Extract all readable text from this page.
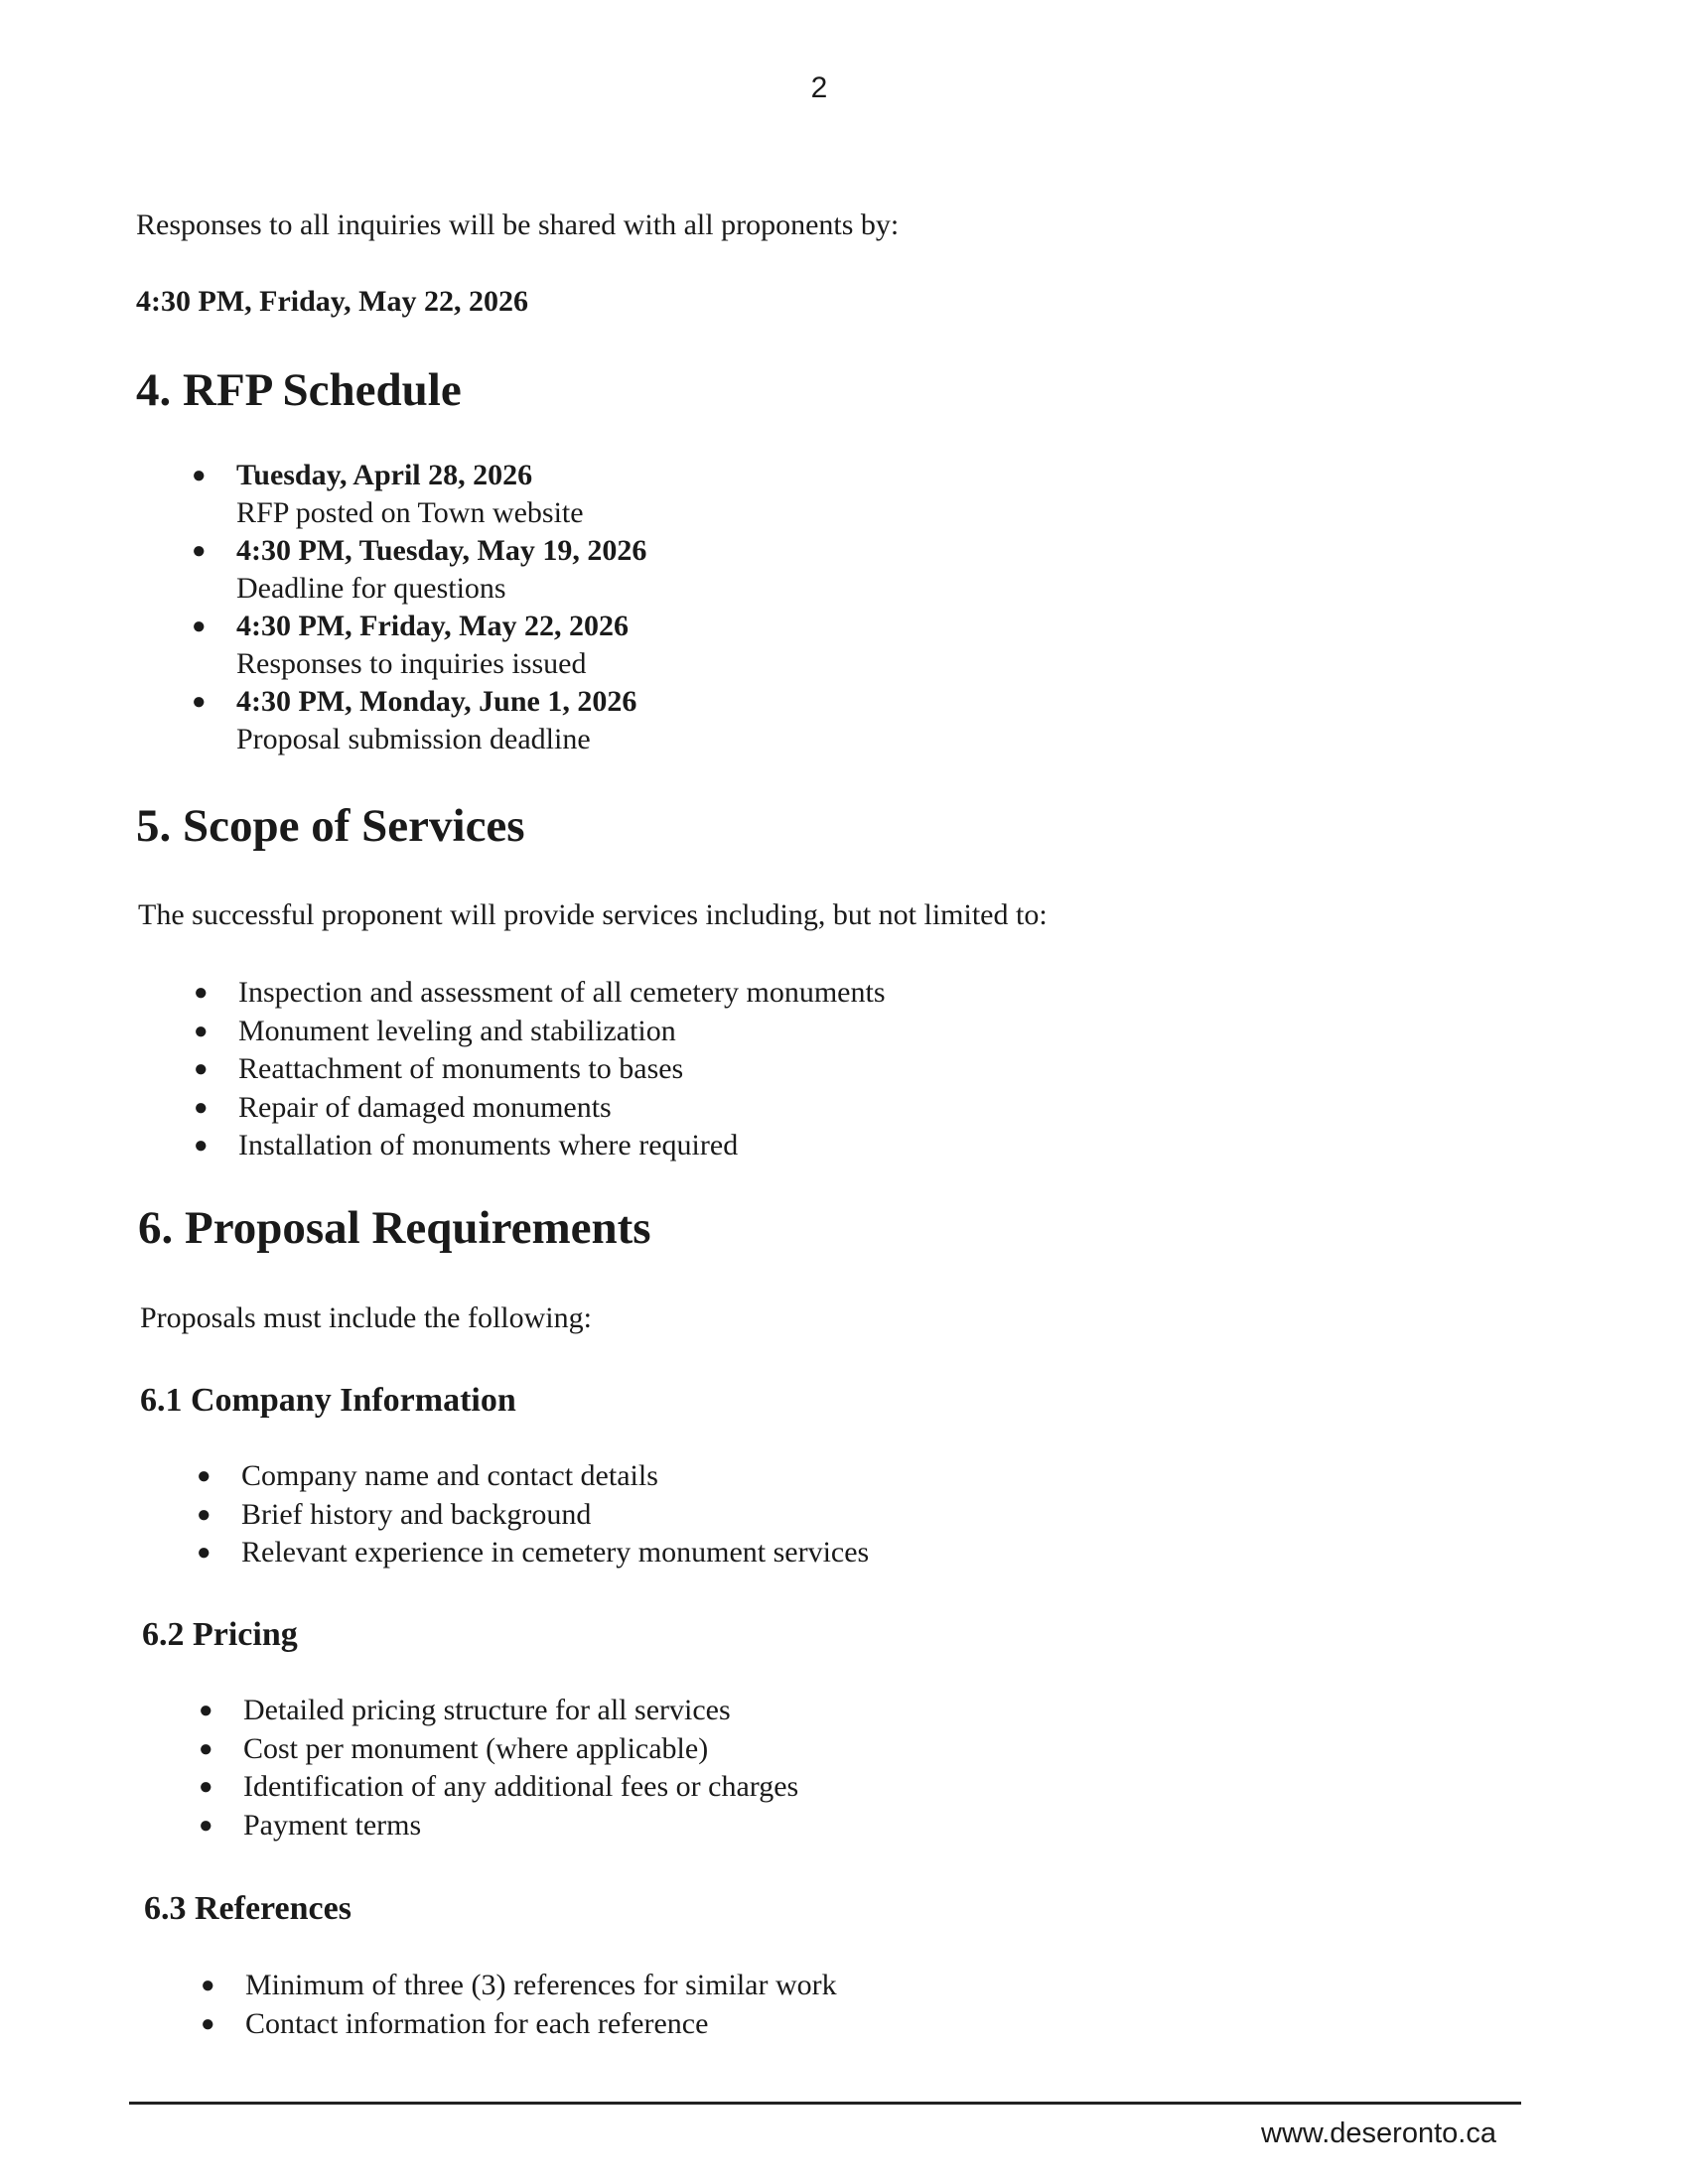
2
Responses to all inquiries will be shared with all proponents by:
4:30 PM, Friday, May 22, 2026
4. RFP Schedule
● Tuesday, April 28, 2026
RFP posted on Town website
● 4:30 PM, Tuesday, May 19, 2026
Deadline for questions
● 4:30 PM, Friday, May 22, 2026
Responses to inquiries issued
● 4:30 PM, Monday, June 1, 2026
Proposal submission deadline
5. Scope of Services
The successful proponent will provide services including, but not limited to:
● Inspection and assessment of all cemetery monuments
● Monument leveling and stabilization
● Reattachment of monuments to bases
● Repair of damaged monuments
● Installation of monuments where required
6. Proposal Requirements
Proposals must include the following:
6.1 Company Information
● Company name and contact details
● Brief history and background
● Relevant experience in cemetery monument services
6.2 Pricing
● Detailed pricing structure for all services
● Cost per monument (where applicable)
● Identification of any additional fees or charges
● Payment terms
6.3 References
● Minimum of three (3) references for similar work
● Contact information for each reference
www.deseronto.ca
